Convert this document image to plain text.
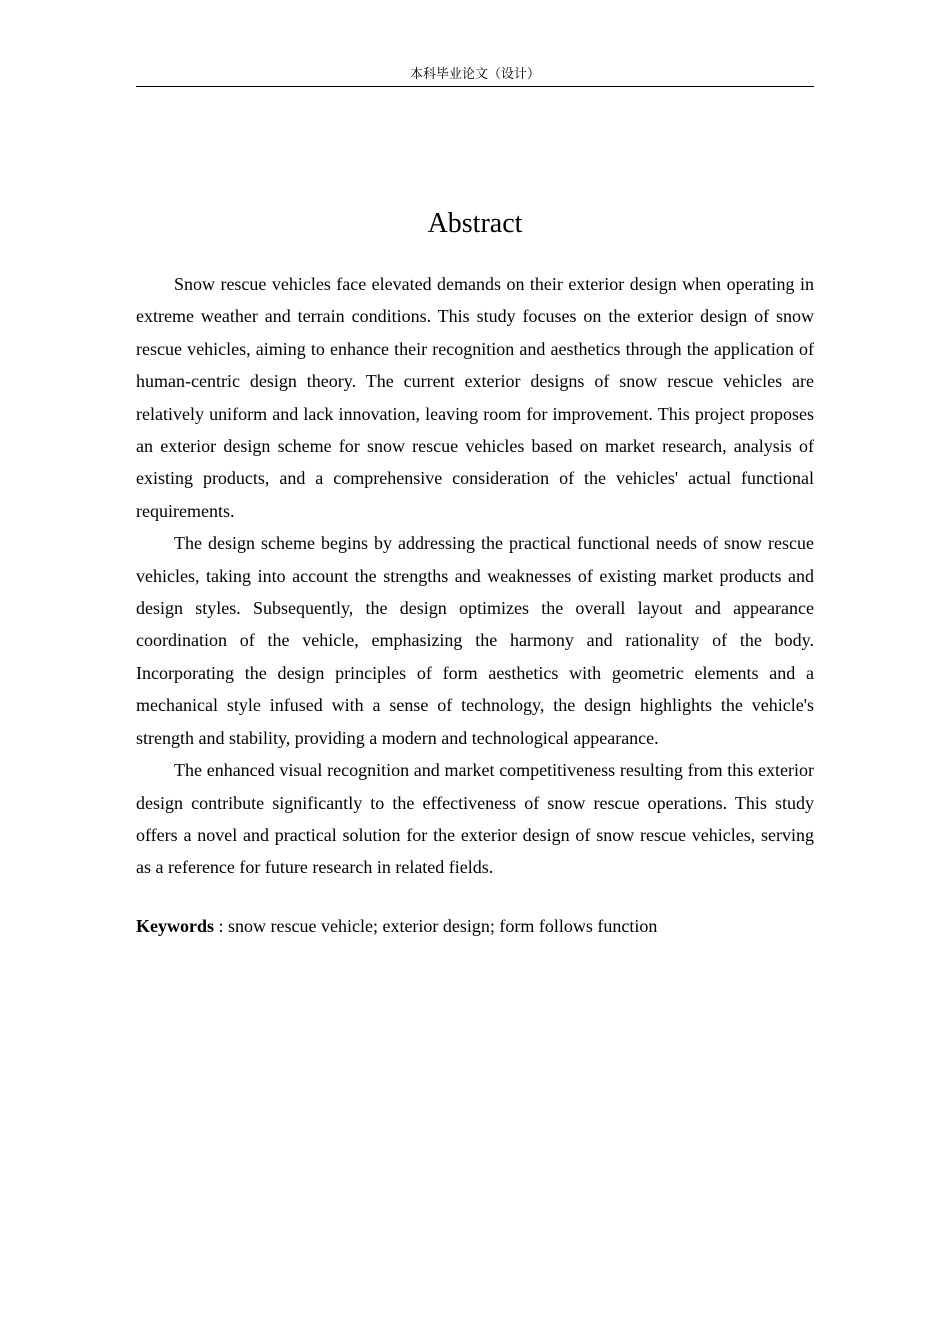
本科毕业论文（设计）
Abstract

Snow rescue vehicles face elevated demands on their exterior design when operating in extreme weather and terrain conditions. This study focuses on the exterior design of snow rescue vehicles, aiming to enhance their recognition and aesthetics through the application of human-centric design theory. The current exterior designs of snow rescue vehicles are relatively uniform and lack innovation, leaving room for improvement. This project proposes an exterior design scheme for snow rescue vehicles based on market research, analysis of existing products, and a comprehensive consideration of the vehicles' actual functional requirements.

The design scheme begins by addressing the practical functional needs of snow rescue vehicles, taking into account the strengths and weaknesses of existing market products and design styles. Subsequently, the design optimizes the overall layout and appearance coordination of the vehicle, emphasizing the harmony and rationality of the body. Incorporating the design principles of form aesthetics with geometric elements and a mechanical style infused with a sense of technology, the design highlights the vehicle's strength and stability, providing a modern and technological appearance.

The enhanced visual recognition and market competitiveness resulting from this exterior design contribute significantly to the effectiveness of snow rescue operations. This study offers a novel and practical solution for the exterior design of snow rescue vehicles, serving as a reference for future research in related fields.

Keywords : snow rescue vehicle; exterior design; form follows function
